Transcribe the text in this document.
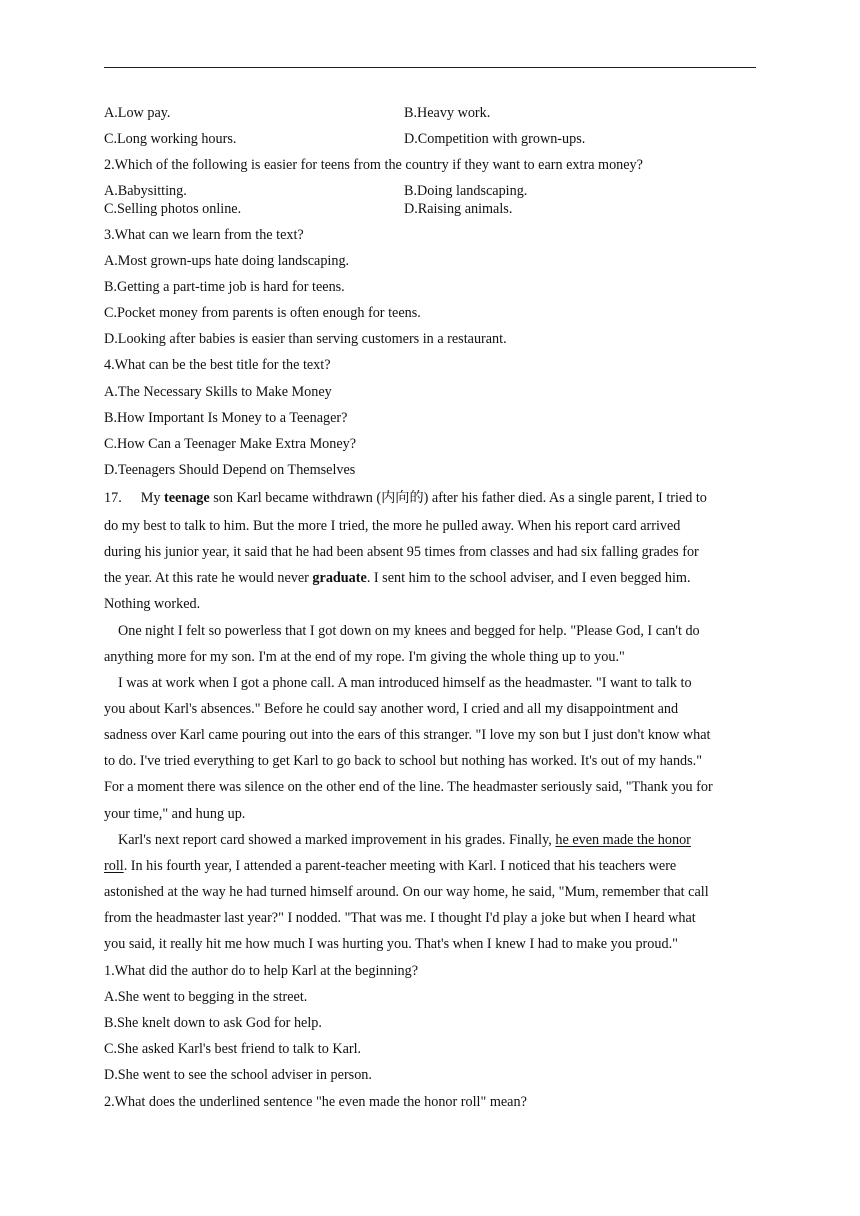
A.Low pay.	B.Heavy work.
C.Long working hours.	D.Competition with grown-ups.
2.Which of the following is easier for teens from the country if they want to earn extra money?
A.Babysitting.	B.Doing landscaping.
C.Selling photos online.	D.Raising animals.
3.What can we learn from the text?
A.Most grown-ups hate doing landscaping.
B.Getting a part-time job is hard for teens.
C.Pocket money from parents is often enough for teens.
D.Looking after babies is easier than serving customers in a restaurant.
4.What can be the best title for the text?
A.The Necessary Skills to Make Money
B.How Important Is Money to a Teenager?
C.How Can a Teenager Make Extra Money?
D.Teenagers Should Depend on Themselves
17. My teenage son Karl became withdrawn (内向的) after his father died. As a single parent, I tried to
do my best to talk to him. But the more I tried, the more he pulled away. When his report card arrived
during his junior year, it said that he had been absent 95 times from classes and had six falling grades for
the year. At this rate he would never graduate. I sent him to the school adviser, and I even begged him.
Nothing worked.
One night I felt so powerless that I got down on my knees and begged for help. "Please God, I can't do
anything more for my son. I'm at the end of my rope. I'm giving the whole thing up to you."
I was at work when I got a phone call. A man introduced himself as the headmaster. "I want to talk to
you about Karl's absences." Before he could say another word, I cried and all my disappointment and
sadness over Karl came pouring out into the ears of this stranger. "I love my son but I just don't know what
to do. I've tried everything to get Karl to go back to school but nothing has worked. It's out of my hands."
For a moment there was silence on the other end of the line. The headmaster seriously said, "Thank you for
your time," and hung up.
Karl's next report card showed a marked improvement in his grades. Finally, he even made the honor
roll. In his fourth year, I attended a parent-teacher meeting with Karl. I noticed that his teachers were
astonished at the way he had turned himself around. On our way home, he said, "Mum, remember that call
from the headmaster last year?" I nodded. "That was me. I thought I'd play a joke but when I heard what
you said, it really hit me how much I was hurting you. That's when I knew I had to make you proud."
1.What did the author do to help Karl at the beginning?
A.She went to begging in the street.
B.She knelt down to ask God for help.
C.She asked Karl's best friend to talk to Karl.
D.She went to see the school adviser in person.
2.What does the underlined sentence "he even made the honor roll" mean?
